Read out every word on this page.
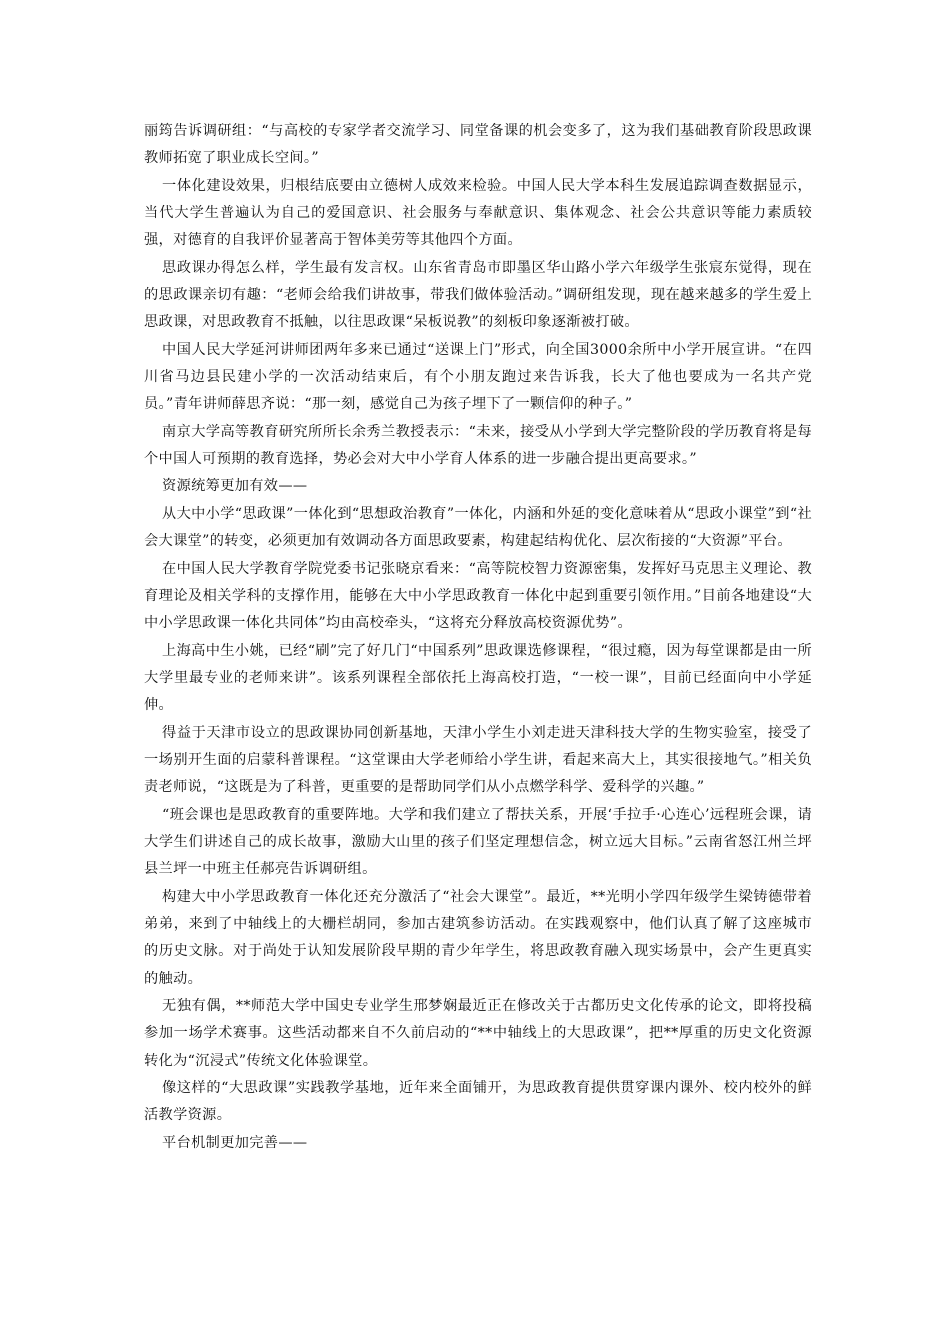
丽筠告诉调研组：“与高校的专家学者交流学习、同堂备课的机会变多了，这为我们基础教育阶段思政课教师拓宽了职业成长空间。”

一体化建设效果，归根结底要由立德树人成效来检验。中国人民大学本科生发展追踪调查数据显示，当代大学生普遍认为自己的爱国意识、社会服务与奉献意识、集体观念、社会公共意识等能力素质较强，对德育的自我评价显著高于智体美劳等其他四个方面。

思政课办得怎么样，学生最有发言权。山东省青岛市即墨区华山路小学六年级学生张宸东觉得，现在的思政课亲切有趣：“老师会给我们讲故事，带我们做体验活动。”调研组发现，现在越来越多的学生爱上思政课，对思政教育不抵触，以往思政课“呆板说教”的刻板印象逐渐被打破。

中国人民大学延河讲师团两年多来已通过“送课上门”形式，向全国3000余所中小学开展宣讲。“在四川省马边县民建小学的一次活动结束后，有个小朋友跑过来告诉我，长大了他也要成为一名共产党员。”青年讲师薛思齐说：“那一刻，感觉自己为孩子埋下了一颗信仰的种子。”

南京大学高等教育研究所所长余秀兰教授表示：“未来，接受从小学到大学完整阶段的学历教育将是每个中国人可预期的教育选择，势必会对大中小学育人体系的进一步融合提出更高要求。”

资源统筹更加有效——

从大中小学“思政课”一体化到“思想政治教育”一体化，内涵和外延的变化意味着从“思政小课堂”到“社会大课堂”的转变，必须更加有效调动各方面思政要素，构建起结构优化、层次衔接的“大资源”平台。

在中国人民大学教育学院党委书记张晓京看来：“高等院校智力资源密集，发挥好马克思主义理论、教育理论及相关学科的支撑作用，能够在大中小学思政教育一体化中起到重要引领作用。”目前各地建设“大中小学思政课一体化共同体”均由高校牵头，“这将充分释放高校资源优势”。

上海高中生小姚，已经“刷”完了好几门“中国系列”思政课选修课程，“很过瘾，因为每堂课都是由一所大学里最专业的老师来讲”。该系列课程全部依托上海高校打造，“一校一课”，目前已经面向中小学延伸。

得益于天津市设立的思政课协同创新基地，天津小学生小刘走进天津科技大学的生物实验室，接受了一场别开生面的启蒙科普课程。“这堂课由大学老师给小学生讲，看起来高大上，其实很接地气。”相关负责老师说，“这既是为了科普，更重要的是帮助同学们从小点燃学科学、爱科学的兴趣。”

“班会课也是思政教育的重要阵地。大学和我们建立了帮扶关系，开展‘手拉手·心连心’远程班会课，请大学生们讲述自己的成长故事，激励大山里的孩子们坚定理想信念，树立远大目标。”云南省怒江州兰坪县兰坪一中班主任郝亮告诉调研组。

构建大中小学思政教育一体化还充分激活了“社会大课堂”。最近，**光明小学四年级学生梁铸德带着弟弟，来到了中轴线上的大栅栏胡同，参加古建筑参访活动。在实践观察中，他们认真了解了这座城市的历史文脉。对于尚处于认知发展阶段早期的青少年学生，将思政教育融入现实场景中，会产生更真实的触动。

无独有偶，**师范大学中国史专业学生邢梦娴最近正在修改关于古都历史文化传承的论文，即将投稿参加一场学术赛事。这些活动都来自不久前启动的“**中轴线上的大思政课”，把**厚重的历史文化资源转化为“沉浸式”传统文化体验课堂。

像这样的“大思政课”实践教学基地，近年来全面铺开，为思政教育提供贯穿课内课外、校内校外的鲜活教学资源。

平台机制更加完善——
